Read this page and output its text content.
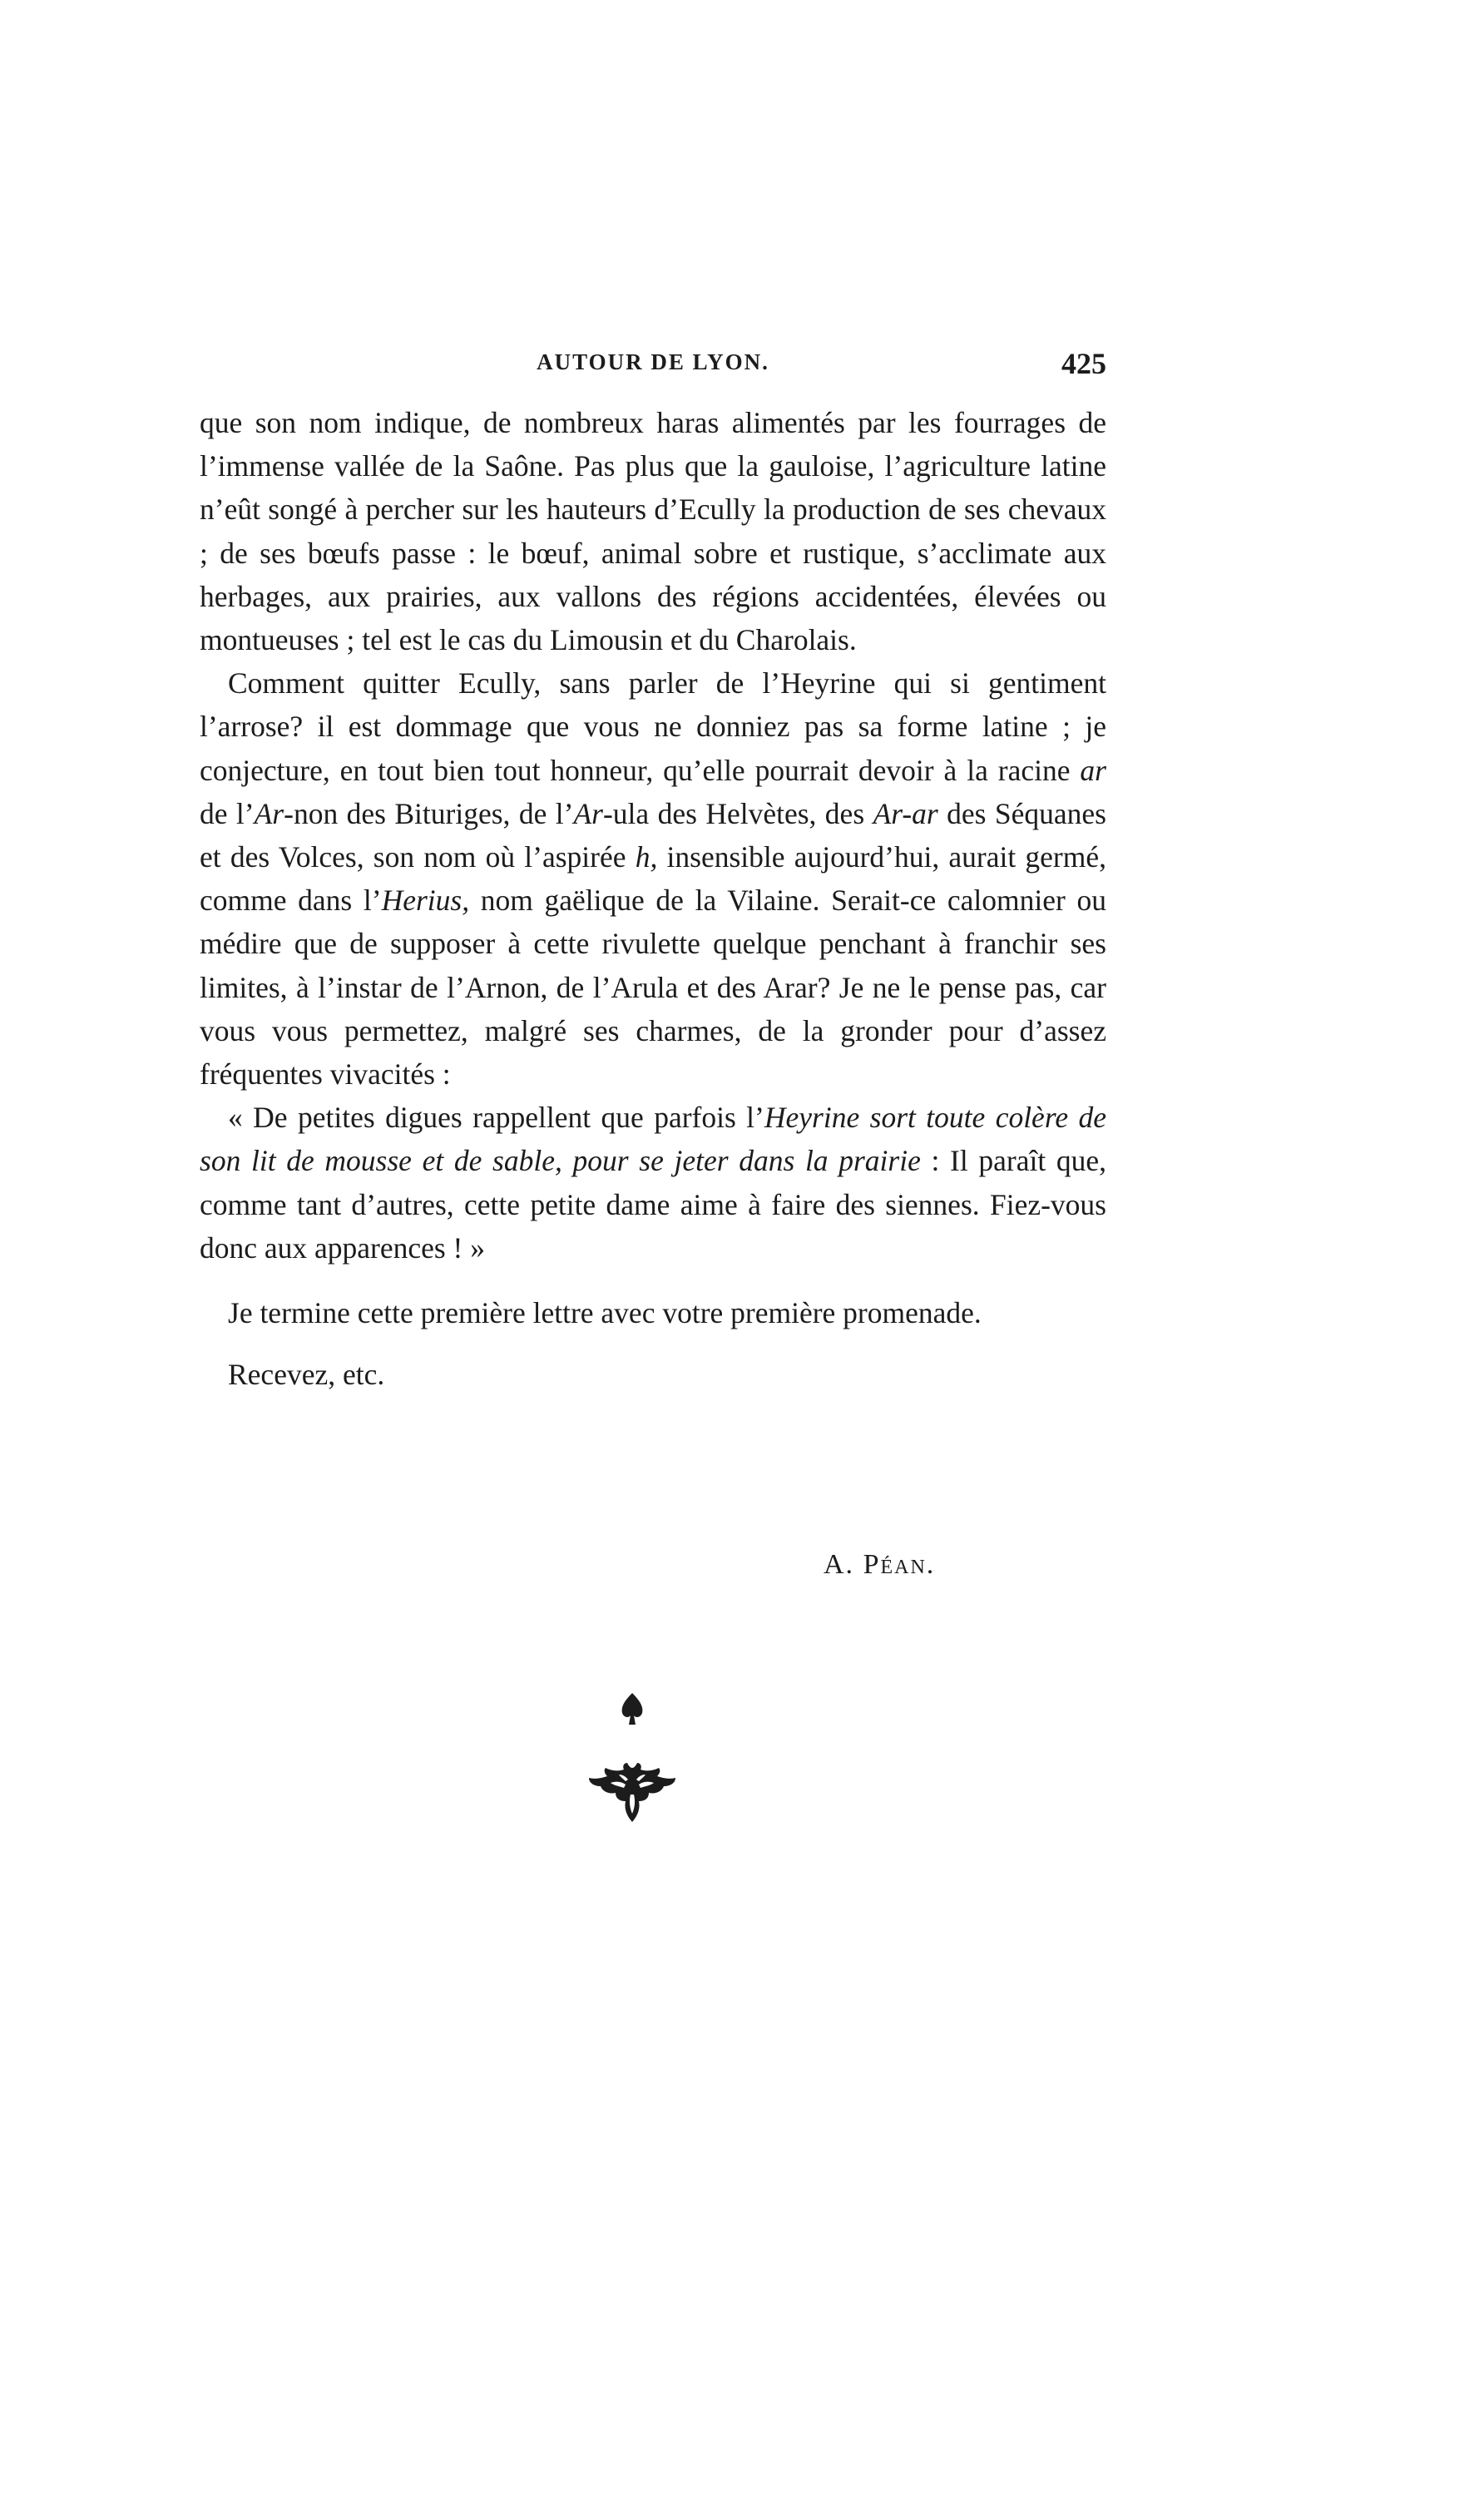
AUTOUR DE LYON.	425

que son nom indique, de nombreux haras alimentés par les fourrages de l’immense vallée de la Saône. Pas plus que la gauloise, l’agriculture latine n’eût songé à percher sur les hauteurs d’Ecully la production de ses chevaux ; de ses bœufs passe : le bœuf, animal sobre et rustique, s’acclimate aux herbages, aux prairies, aux vallons des régions accidentées, élevées ou montueuses ; tel est le cas du Limousin et du Charolais.

Comment quitter Ecully, sans parler de l’Heyrine qui si gentiment l’arrose? il est dommage que vous ne donniez pas sa forme latine ; je conjecture, en tout bien tout honneur, qu’elle pourrait devoir à la racine ar de l’Ar-non des Bituriges, de l’Ar-ula des Helvètes, des Ar-ar des Séquanes et des Volces, son nom où l’aspirée h, insensible aujourd’hui, aurait germé, comme dans l’Herius, nom gaëlique de la Vilaine. Serait-ce calomnier ou médire que de supposer à cette rivulette quelque penchant à franchir ses limites, à l’instar de l’Arnon, de l’Arula et des Arar? Je ne le pense pas, car vous vous permettez, malgré ses charmes, de la gronder pour d’assez fréquentes vivacités :

« De petites digues rappellent que parfois l’Heyrine sort toute colère de son lit de mousse et de sable, pour se jeter dans la prairie : Il paraît que, comme tant d’autres, cette petite dame aime à faire des siennes. Fiez-vous donc aux apparences ! »

Je termine cette première lettre avec votre première promenade.

Recevez, etc.

A. Péan.
